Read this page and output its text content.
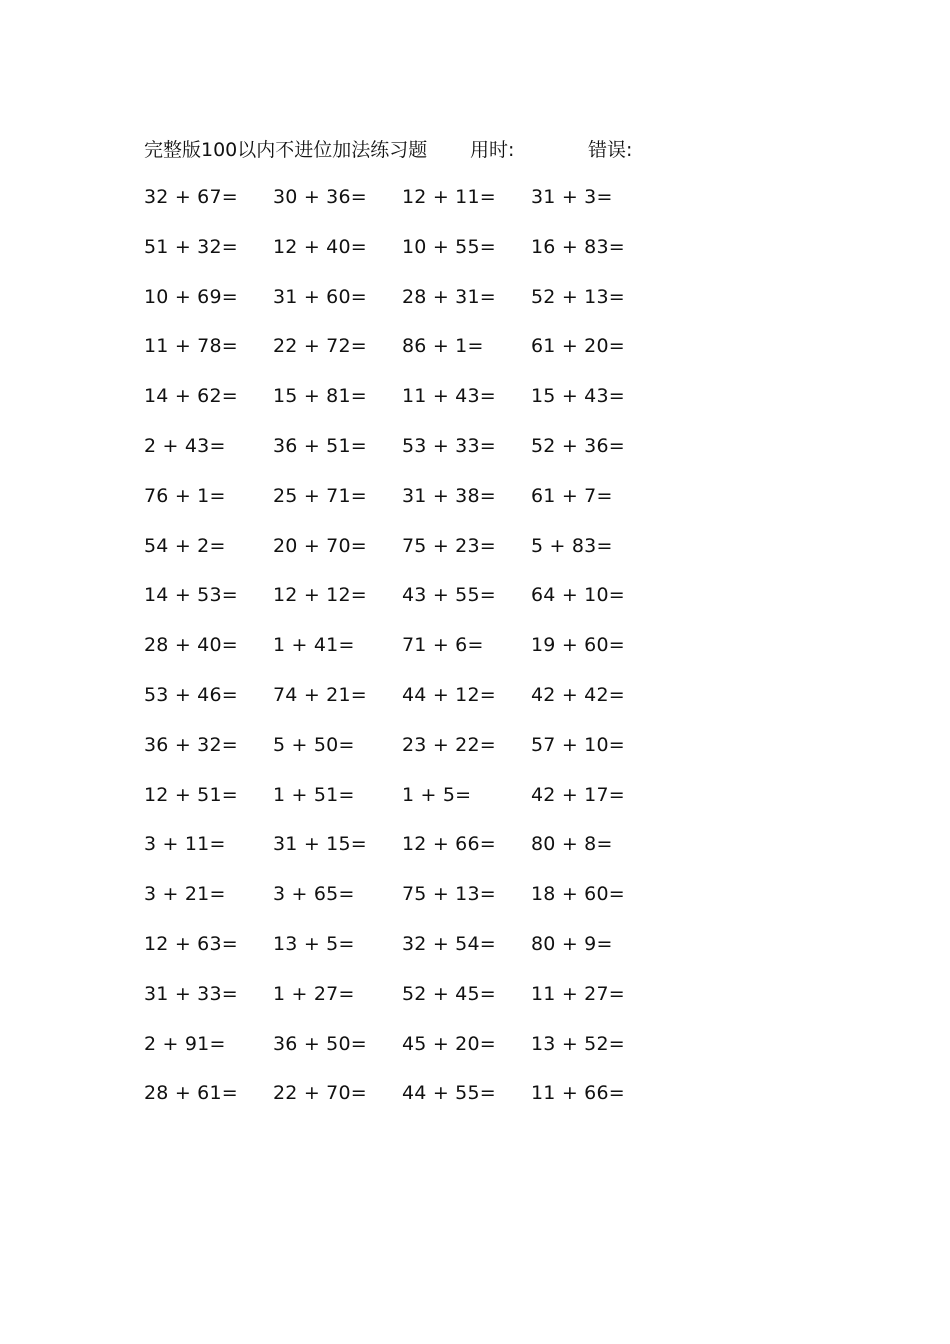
完整版100以内不进位加法练习题 用时:	错误:
32 + 67= 30 + 36= 12 + 11= 31 + 3=
51 + 32= 12 + 40= 10 + 55= 16 + 83=
10 + 69= 31 + 60= 28 + 31= 52 + 13=
11 + 78= 22 + 72= 86 + 1= 61 + 20=
14 + 62= 15 + 81= 11 + 43= 15 + 43=
2 + 43= 36 + 51= 53 + 33= 52 + 36=
76 + 1= 25 + 71= 31 + 38= 61 + 7=
54 + 2= 20 + 70= 75 + 23= 5 + 83=
14 + 53= 12 + 12= 43 + 55= 64 + 10=
28 + 40= 1 + 41= 71 + 6= 19 + 60=
53 + 46= 74 + 21= 44 + 12= 42 + 42=
36 + 32= 5 + 50= 23 + 22= 57 + 10=
12 + 51= 1 + 51= 1 + 5=	42 + 17=
3 + 11= 31 + 15= 12 + 66= 80 + 8=
3 + 21= 3 + 65= 75 + 13= 18 + 60=
12 + 63= 13 + 5= 32 + 54= 80 + 9=
31 + 33= 1 + 27= 52 + 45= 11 + 27=
2 + 91= 36 + 50= 45 + 20= 13 + 52=
28 + 61= 22 + 70= 44 + 55= 11 + 66=
